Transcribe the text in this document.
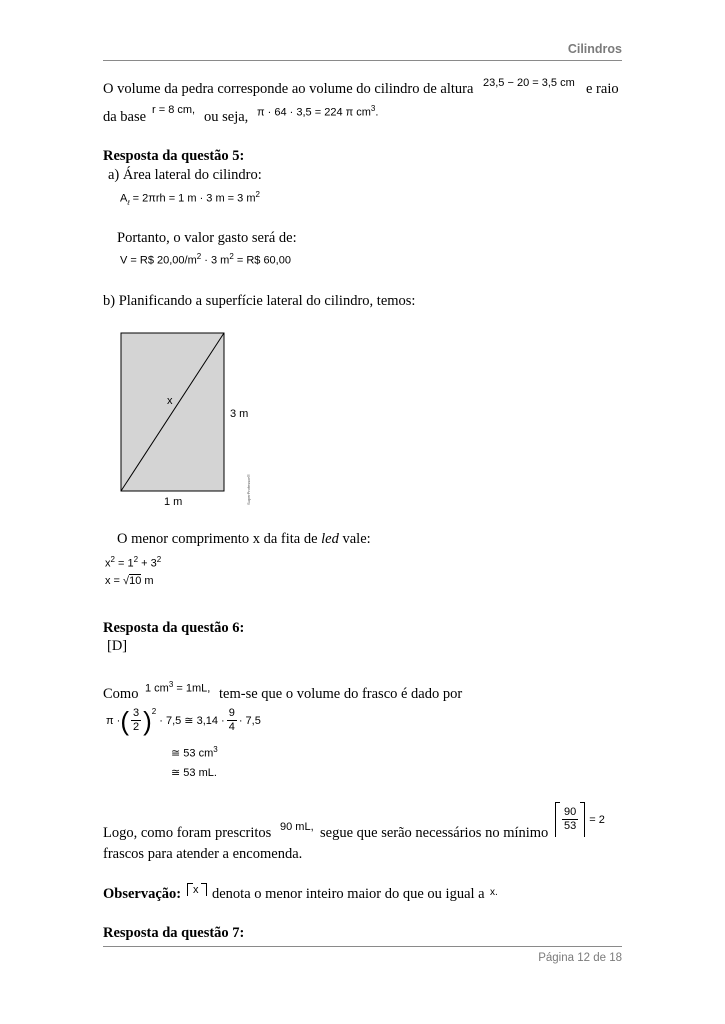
Cilindros
O volume da pedra corresponde ao volume do cilindro de altura 23,5 − 20 = 3,5 cm e raio
da base r = 8 cm, ou seja, π · 64 · 3,5 = 224 π $cm^3$.
Resposta da questão 5:
a) Área lateral do cilindro:
$A_\ell = 2\pi rh = 1$ m · 3 m = 3 $m^2$
Portanto, o valor gasto será de:
V = R$ $20,00/m^2 \cdot 3$ $m^2$ = R$ 60,00
b) Planificando a superfície lateral do cilindro, temos:
x
3 m
1 m	SuperProfessor®
O menor comprimento x da fita de led vale:
$x^2 = 1^2 + 3^2$
x = √10 m
Resposta da questão 6:
[D]
Como 1 $cm^3 = 1mL$, tem-se que o volume do frasco é dado por
π · ( $\frac{3}{2} )^2$
· 7,5 ≅ $3,14 \cdot \frac{9}{4} \cdot 7,5$
≅ 53 $cm^3$
≅ 53 mL.
Logo, como foram prescritos 90 mL, segue que serão necessários no mínimo $\frac{90}{53} = 2$
frascos para atender a encomenda.
Observação:	x denota o menor inteiro maior do que ou igual a x.
Resposta da questão 7:
Página 12 de 18
